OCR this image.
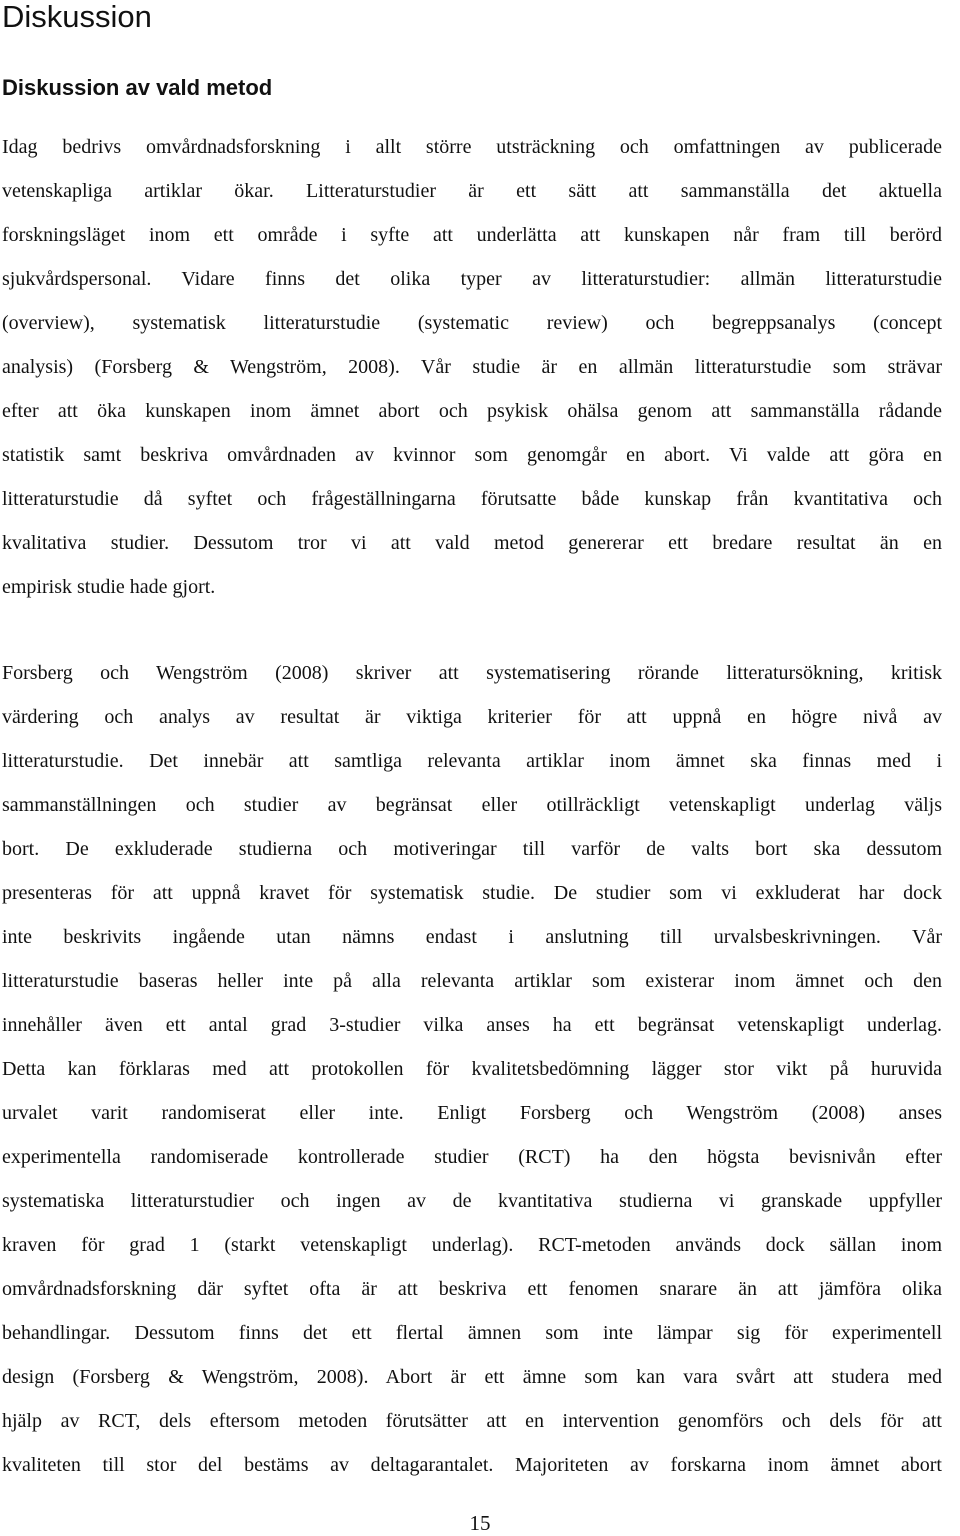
Diskussion
Diskussion av vald metod

Idag bedrivs omvårdnadsforskning i allt större utsträckning och omfattningen av publicerade
vetenskapliga artiklar ökar. Litteraturstudier är ett sätt att sammanställa det aktuella
forskningsläget inom ett område i syfte att underlätta att kunskapen når fram till berörd
sjukvårdspersonal. Vidare finns det olika typer av litteraturstudier: allmän litteraturstudie
(overview), systematisk litteraturstudie (systematic review) och begreppsanalys (concept
analysis) (Forsberg & Wengström, 2008). Vår studie är en allmän litteraturstudie som strävar
efter att öka kunskapen inom ämnet abort och psykisk ohälsa genom att sammanställa rådande
statistik samt beskriva omvårdnaden av kvinnor som genomgår en abort. Vi valde att göra en
litteraturstudie då syftet och frågeställningarna förutsatte både kunskap från kvantitativa och
kvalitativa studier. Dessutom tror vi att vald metod genererar ett bredare resultat än en
empirisk studie hade gjort.

Forsberg och Wengström (2008) skriver att systematisering rörande litteratursökning, kritisk
värdering och analys av resultat är viktiga kriterier för att uppnå en högre nivå av
litteraturstudie. Det innebär att samtliga relevanta artiklar inom ämnet ska finnas med i
sammanställningen och studier av begränsat eller otillräckligt vetenskapligt underlag väljs
bort. De exkluderade studierna och motiveringar till varför de valts bort ska dessutom
presenteras för att uppnå kravet för systematisk studie. De studier som vi exkluderat har dock
inte beskrivits ingående utan nämns endast i anslutning till urvalsbeskrivningen. Vår
litteraturstudie baseras heller inte på alla relevanta artiklar som existerar inom ämnet och den
innehåller även ett antal grad 3-studier vilka anses ha ett begränsat vetenskapligt underlag.
Detta kan förklaras med att protokollen för kvalitetsbedömning lägger stor vikt på huruvida
urvalet varit randomiserat eller inte. Enligt Forsberg och Wengström (2008) anses
experimentella randomiserade kontrollerade studier (RCT) ha den högsta bevisnivån efter
systematiska litteraturstudier och ingen av de kvantitativa studierna vi granskade uppfyller
kraven för grad 1 (starkt vetenskapligt underlag). RCT-metoden används dock sällan inom
omvårdnadsforskning där syftet ofta är att beskriva ett fenomen snarare än att jämföra olika
behandlingar. Dessutom finns det ett flertal ämnen som inte lämpar sig för experimentell
design (Forsberg & Wengström, 2008). Abort är ett ämne som kan vara svårt att studera med
hjälp av RCT, dels eftersom metoden förutsätter att en intervention genomförs och dels för att
kvaliteten till stor del bestäms av deltagarantalet. Majoriteten av forskarna inom ämnet abort

15
